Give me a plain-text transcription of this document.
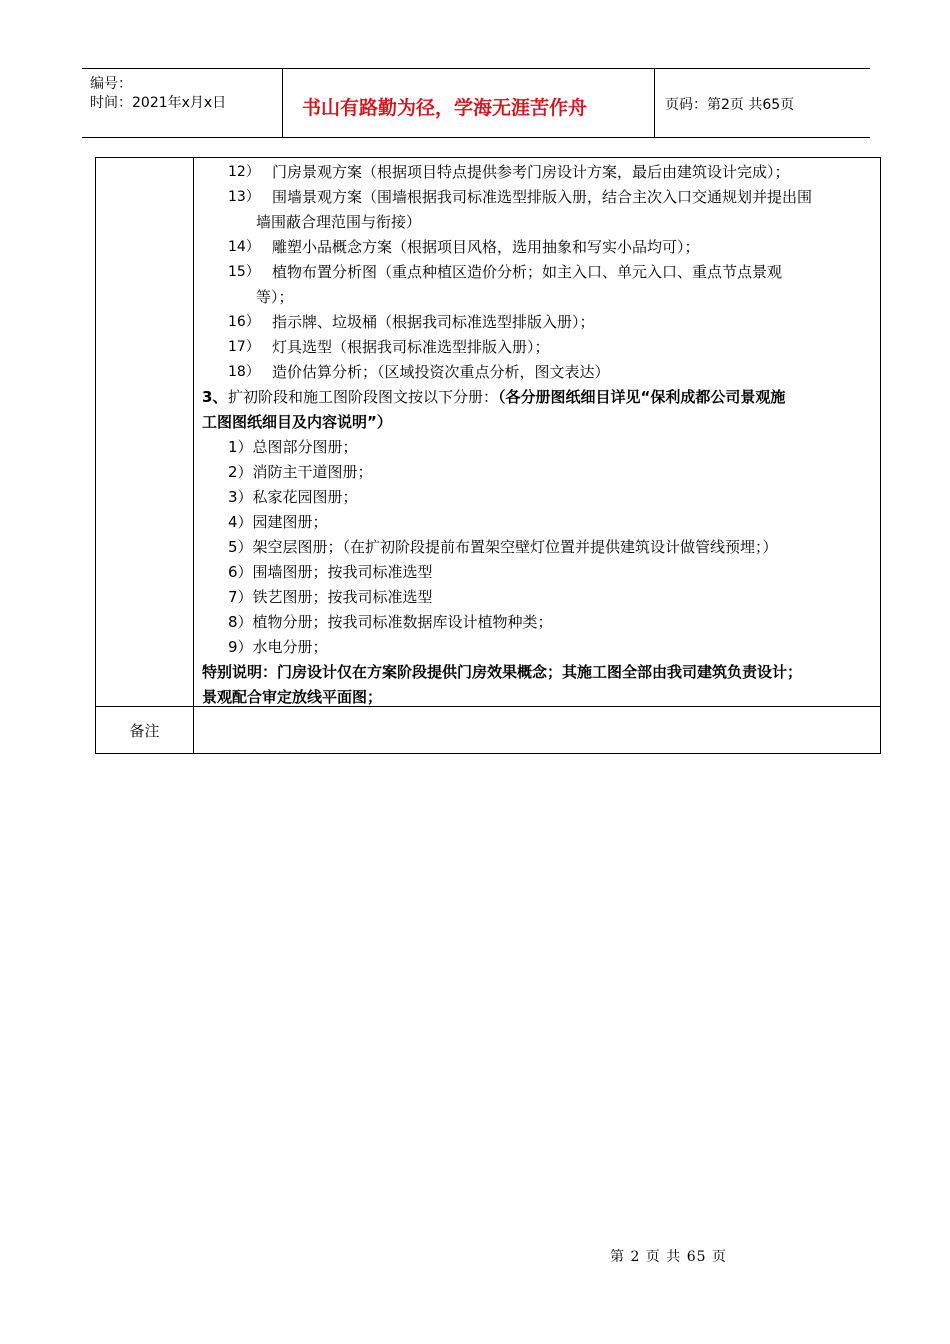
编号：
时间：2021年x月x日	书山有路勤为径，学海无涯苦作舟	页码：第2页 共65页
12） 门房景观方案（根据项目特点提供参考门房设计方案，最后由建筑设计完成）；
13） 围墙景观方案（围墙根据我司标准选型排版入册，结合主次入口交通规划并提出围
墙围蔽合理范围与衔接）
14） 雕塑小品概念方案（根据项目风格，选用抽象和写实小品均可）；
15） 植物布置分析图（重点种植区造价分析；如主入口、单元入口、重点节点景观
等）；
16） 指示牌、垃圾桶（根据我司标准选型排版入册）；
17） 灯具选型（根据我司标准选型排版入册）；
18） 造价估算分析；（区域投资次重点分析，图文表达）
3、 扩初阶段和施工图阶段图文按以下分册：（各分册图纸细目详见“保利成都公司景观施
工图图纸细目及内容说明”）
1）总图部分图册；
2）消防主干道图册；
3）私家花园图册；
4）园建图册；
5）架空层图册；（在扩初阶段提前布置架空壁灯位置并提供建筑设计做管线预埋；）
6）围墙图册；按我司标准选型
7）铁艺图册；按我司标准选型
8）植物分册；按我司标准数据库设计植物种类；
9）水电分册；
特别说明：门房设计仅在方案阶段提供门房效果概念；其施工图全部由我司建筑负责设计；
景观配合审定放线平面图；
备注
第 2 页 共 65 页
